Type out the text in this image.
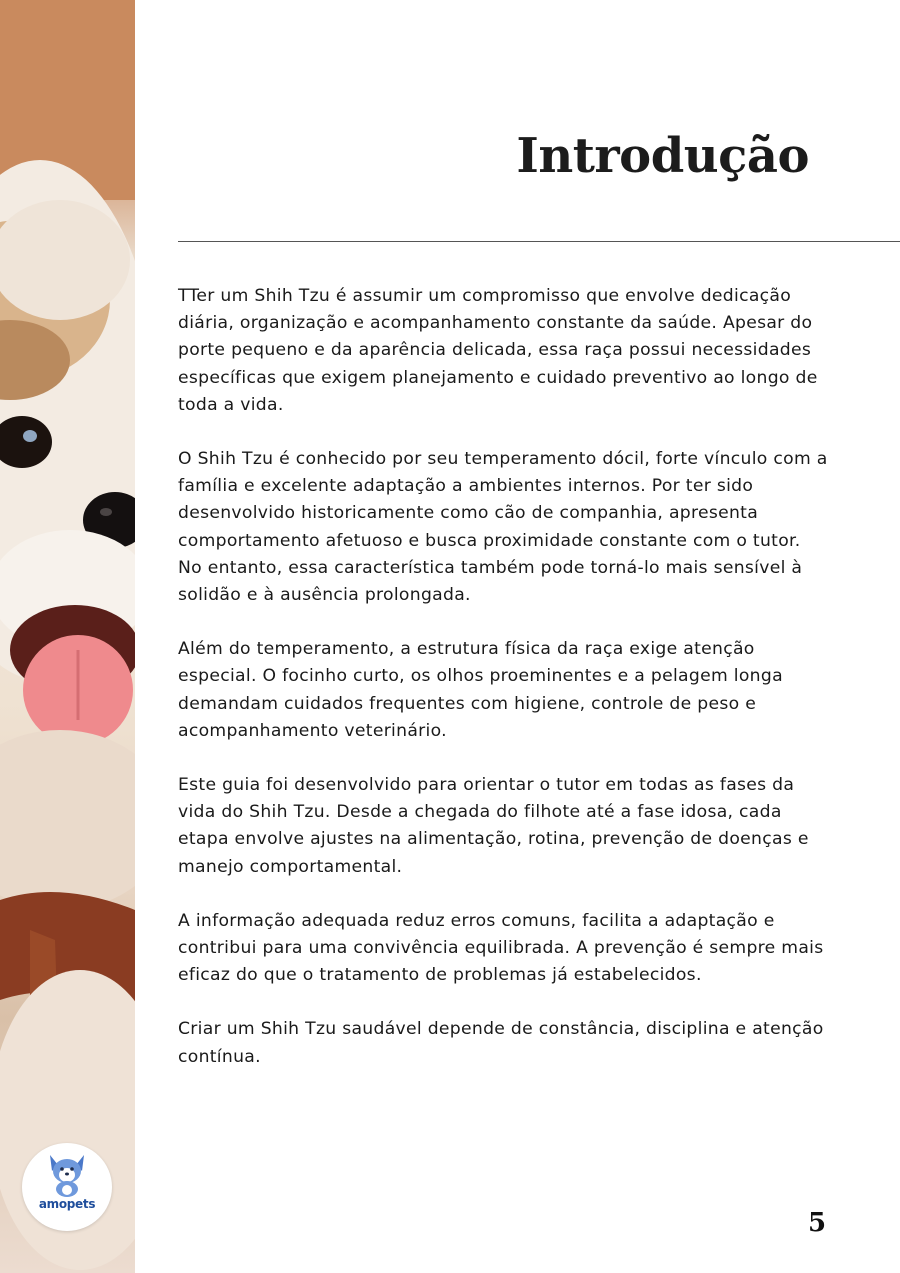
amopets
Introdução

TTer um Shih Tzu é assumir um compromisso que envolve dedicação diária, organização e acompanhamento constante da saúde. Apesar do porte pequeno e da aparência delicada, essa raça possui necessidades específicas que exigem planejamento e cuidado preventivo ao longo de toda a vida.

O Shih Tzu é conhecido por seu temperamento dócil, forte vínculo com a família e excelente adaptação a ambientes internos. Por ter sido desenvolvido historicamente como cão de companhia, apresenta comportamento afetuoso e busca proximidade constante com o tutor. No entanto, essa característica também pode torná-lo mais sensível à solidão e à ausência prolongada.

Além do temperamento, a estrutura física da raça exige atenção especial. O focinho curto, os olhos proeminentes e a pelagem longa demandam cuidados frequentes com higiene, controle de peso e acompanhamento veterinário.

Este guia foi desenvolvido para orientar o tutor em todas as fases da vida do Shih Tzu. Desde a chegada do filhote até a fase idosa, cada etapa envolve ajustes na alimentação, rotina, prevenção de doenças e manejo comportamental.

A informação adequada reduz erros comuns, facilita a adaptação e contribui para uma convivência equilibrada. A prevenção é sempre mais eficaz do que o tratamento de problemas já estabelecidos.

Criar um Shih Tzu saudável depende de constância, disciplina e atenção contínua.

5
